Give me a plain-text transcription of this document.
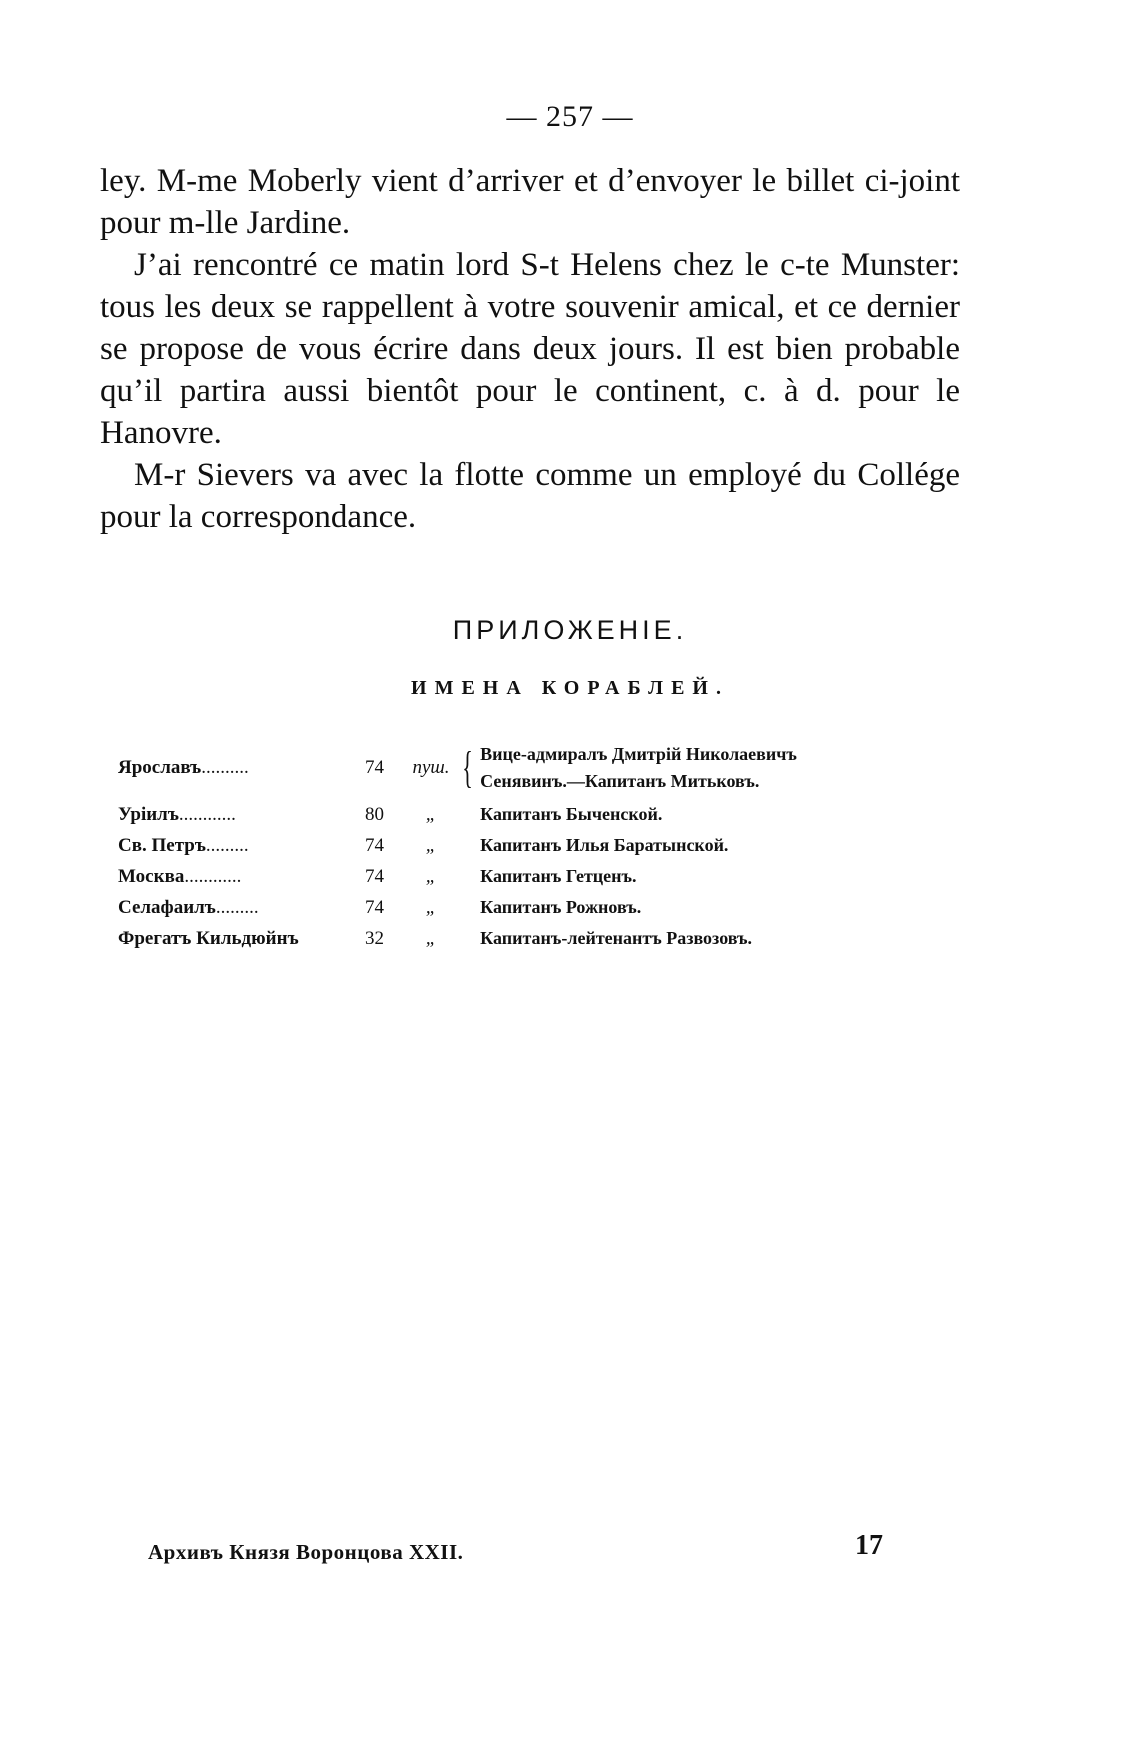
— 257 —

ley. M-me Moberly vient d’arriver et d’envoyer le billet ci-joint pour m-lle Jardine.

J’ai rencontré ce matin lord S-t Helens chez le c-te Munster: tous les deux se rappellent à votre souvenir amical, et ce dernier se propose de vous écrire dans deux jours. Il est bien probable qu’il partira aussi bientôt pour le continent, c. à d. pour le Hanovre.

M-r Sievers va avec la flotte comme un employé du Collége pour la correspondance.

ПРИЛОЖЕНІЕ.
ИМЕНА КОРАБЛЕЙ.
Ярославъ..........	74	пуш.	{	Вице-адмиралъ Дмитрій Николаевичъ
Сенявинъ.—Капитанъ Митьковъ.

Уріилъ............	80	„		Капитанъ Быченской.
Св. Петръ.........	74	„		Капитанъ Илья Баратынской.
Москва............	74	„		Капитанъ Гетценъ.
Селафаилъ.........	74	„		Капитанъ Рожновъ.
Фрегатъ Кильдюйнъ	32	„		Капитанъ-лейтенантъ Развозовъ.
Архивъ Князя Воронцова XXII.	17
